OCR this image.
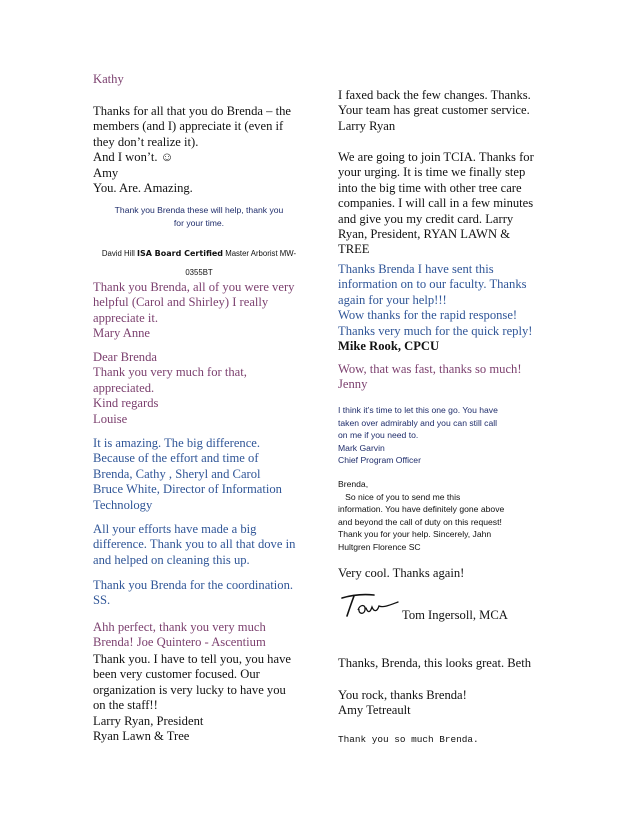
Kathy
Thanks for all that you do Brenda – the
members (and I) appreciate it (even if
they don’t realize it).
And I won’t. ☺
Amy
You. Are. Amazing.
Thank you Brenda these will help, thank you
for your time.
David Hill ISA Board Certified Master Arborist MW-
0355BT
Thank you Brenda, all of you were very
helpful (Carol and Shirley) I really
appreciate it.
Mary Anne
Dear Brenda
Thank you very much for that,
appreciated.
Kind regards
Louise
It is amazing. The big difference.
Because of the effort and time of
Brenda, Cathy , Sheryl and Carol
Bruce White, Director of Information
Technology
All your efforts have made a big
difference. Thank you to all that dove in
and helped on cleaning this up.
Thank you Brenda for the coordination.
SS.
Ahh perfect, thank you very much
Brenda! Joe Quintero - Ascentium
Thank you. I have to tell you, you have
been very customer focused. Our
organization is very lucky to have you
on the staff!!
Larry Ryan, President
Ryan Lawn & Tree
I faxed back the few changes. Thanks.
Your team has great customer service.
Larry Ryan
We are going to join TCIA. Thanks for
your urging. It is time we finally step
into the big time with other tree care
companies. I will call in a few minutes
and give you my credit card. Larry
Ryan, President, RYAN LAWN &
TREE
Thanks Brenda I have sent this
information on to our faculty. Thanks
again for your help!!!
Wow thanks for the rapid response!
Thanks very much for the quick reply!
Mike Rook, CPCU
Wow, that was fast, thanks so much!
Jenny
I think it’s time to let this one go. You have
taken over admirably and you can still call
on me if you need to.
Mark Garvin
Chief Program Officer
Brenda,
So nice of you to send me this
information. You have definitely gone above
and beyond the call of duty on this request!
Thank you for your help. Sincerely, Jahn
Hultgren Florence SC
Very cool. Thanks again!
Tom Ingersoll, MCA
Thanks, Brenda, this looks great. Beth
You rock, thanks Brenda!
Amy Tetreault
Thank you so much Brenda.
